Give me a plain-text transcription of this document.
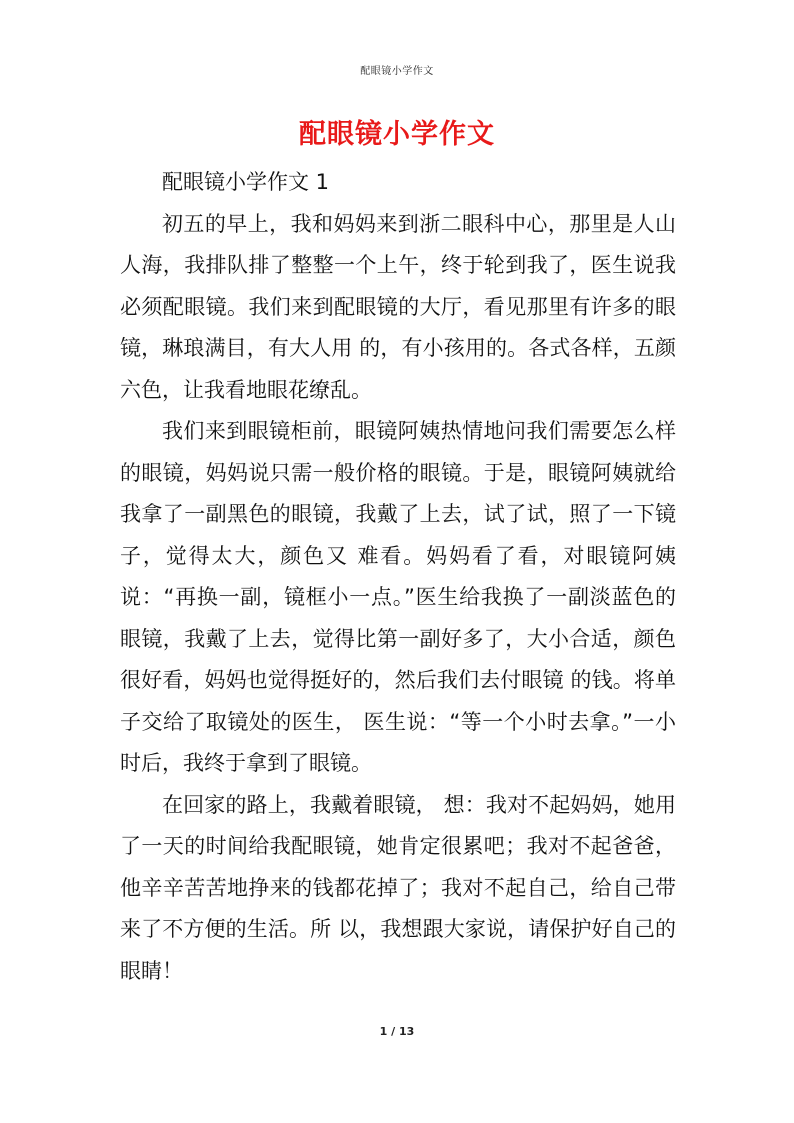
配眼镜小学作文
配眼镜小学作文

配眼镜小学作文 1

初五的早上，我和妈妈来到浙二眼科中心，那里是人山人海，我排队排了整整一个上午，终于轮到我了，医生说我必须配眼镜。我们来到配眼镜的大厅，看见那里有许多的眼镜，琳琅满目，有大人用 的，有小孩用的。各式各样，五颜六色，让我看地眼花缭乱。

我们来到眼镜柜前，眼镜阿姨热情地问我们需要怎么样的眼镜，妈妈说只需一般价格的眼镜。于是，眼镜阿姨就给我拿了一副黑色的眼镜，我戴了上去，试了试，照了一下镜子，觉得太大，颜色又 难看。妈妈看了看，对眼镜阿姨说：“再换一副，镜框小一点。”医生给我换了一副淡蓝色的眼镜，我戴了上去，觉得比第一副好多了，大小合适，颜色很好看，妈妈也觉得挺好的，然后我们去付眼镜 的钱。将单子交给了取镜处的医生， 医生说：“等一个小时去拿。”一小时后，我终于拿到了眼镜。

在回家的路上，我戴着眼镜， 想：我对不起妈妈，她用了一天的时间给我配眼镜，她肯定很累吧；我对不起爸爸，他辛辛苦苦地挣来的钱都花掉了；我对不起自己，给自己带来了不方便的生活。所 以，我想跟大家说，请保护好自己的眼睛！

1 / 13
